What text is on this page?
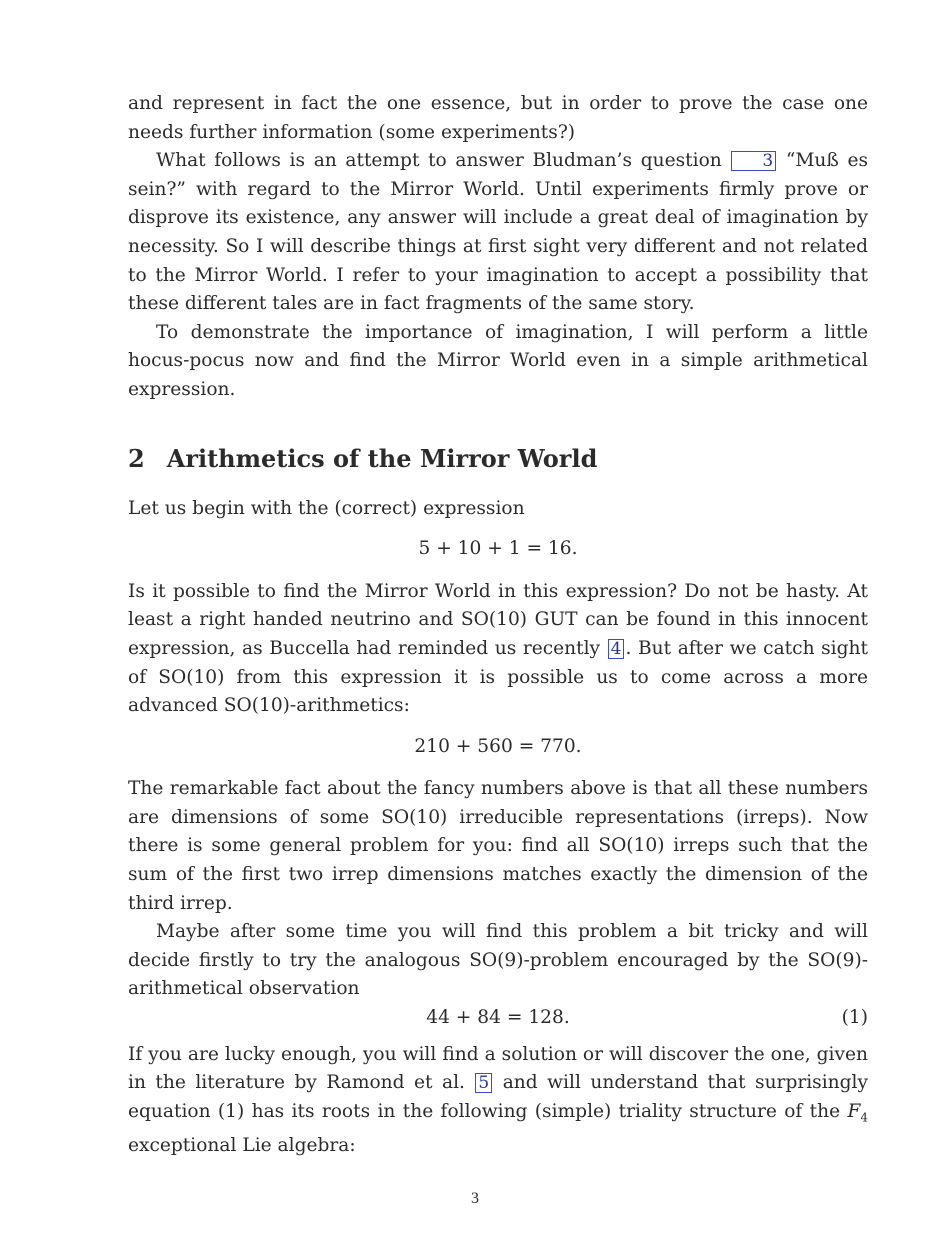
and represent in fact the one essence, but in order to prove the case one needs further information (some experiments?)

What follows is an attempt to answer Bludman’s question 3 “Muß es sein?” with regard to the Mirror World. Until experiments firmly prove or disprove its existence, any answer will include a great deal of imagination by necessity. So I will describe things at first sight very different and not related to the Mirror World. I refer to your imagination to accept a possibility that these different tales are in fact fragments of the same story.

To demonstrate the importance of imagination, I will perform a little hocus-pocus now and find the Mirror World even in a simple arithmetical expression.

2 Arithmetics of the Mirror World

Let us begin with the (correct) expression

5 + 10 + 1 = 16.

Is it possible to find the Mirror World in this expression? Do not be hasty. At least a right handed neutrino and SO(10) GUT can be found in this innocent expression, as Buccella had reminded us recently 4 . But after we catch sight of SO(10) from this expression it is possible us to come across a more advanced SO(10)-arithmetics:

210 + 560 = 770.

The remarkable fact about the fancy numbers above is that all these numbers are dimensions of some SO(10) irreducible representations (irreps). Now there is some general problem for you: find all SO(10) irreps such that the sum of the first two irrep dimensions matches exactly the dimension of the third irrep.

Maybe after some time you will find this problem a bit tricky and will decide firstly to try the analogous SO(9)-problem encouraged by the SO(9)-arithmetical observation

44 + 84 = 128.	(1)

If you are lucky enough, you will find a solution or will discover the one, given in the literature by Ramond et al. 5 and will understand that surprisingly equation (1) has its roots in the following (simple) triality structure of the $F_4$ exceptional Lie algebra:

3
